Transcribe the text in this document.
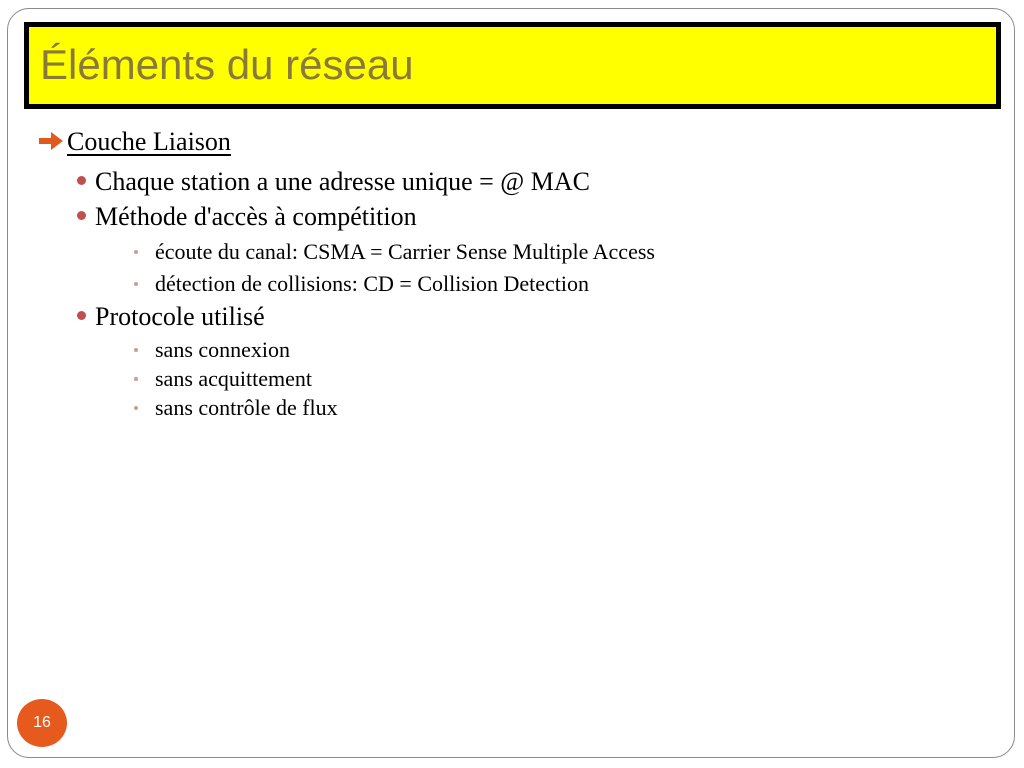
Éléments du réseau
Couche Liaison
Chaque station a une adresse unique = @ MAC
Méthode d'accès à compétition
écoute du canal: CSMA = Carrier Sense Multiple Access
détection de collisions: CD = Collision Detection
Protocole utilisé
sans connexion
sans acquittement
sans contrôle de flux
16
